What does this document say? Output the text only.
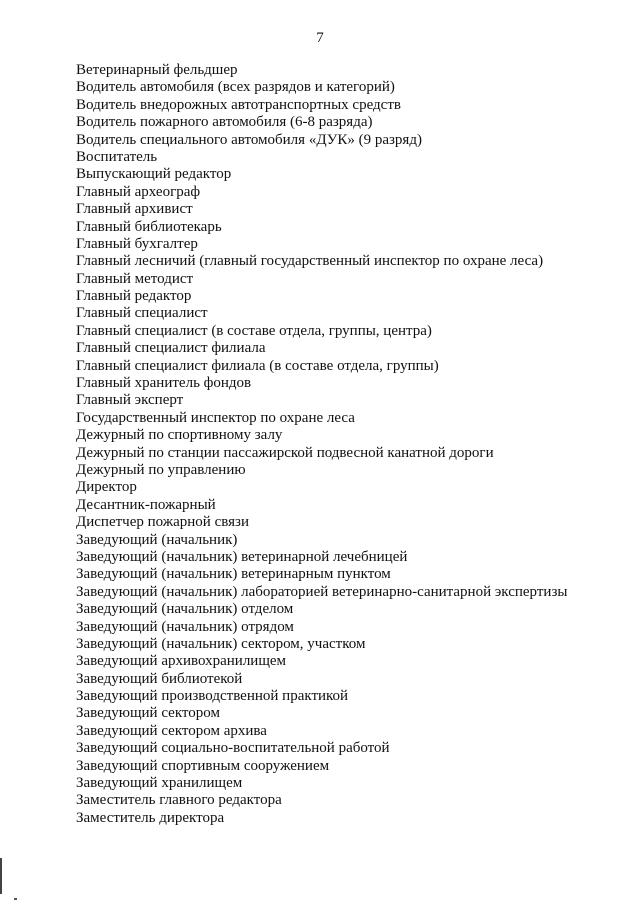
7
Ветеринарный фельдшер
Водитель автомобиля (всех разрядов и категорий)
Водитель внедорожных автотранспортных средств
Водитель пожарного автомобиля (6-8 разряда)
Водитель специального автомобиля «ДУК» (9 разряд)
Воспитатель
Выпускающий редактор
Главный археограф
Главный архивист
Главный библиотекарь
Главный бухгалтер
Главный лесничий (главный государственный инспектор по охране леса)
Главный методист
Главный редактор
Главный специалист
Главный специалист (в составе отдела, группы, центра)
Главный специалист филиала
Главный специалист филиала (в составе отдела, группы)
Главный хранитель фондов
Главный эксперт
Государственный инспектор по охране леса
Дежурный по спортивному залу
Дежурный по станции пассажирской подвесной канатной дороги
Дежурный по управлению
Директор
Десантник-пожарный
Диспетчер пожарной связи
Заведующий (начальник)
Заведующий (начальник) ветеринарной лечебницей
Заведующий (начальник) ветеринарным пунктом
Заведующий (начальник) лабораторией ветеринарно-санитарной экспертизы
Заведующий (начальник) отделом
Заведующий (начальник) отрядом
Заведующий (начальник) сектором, участком
Заведующий архивохранилищем
Заведующий библиотекой
Заведующий производственной практикой
Заведующий сектором
Заведующий сектором архива
Заведующий социально-воспитательной работой
Заведующий спортивным сооружением
Заведующий хранилищем
Заместитель главного редактора
Заместитель директора
